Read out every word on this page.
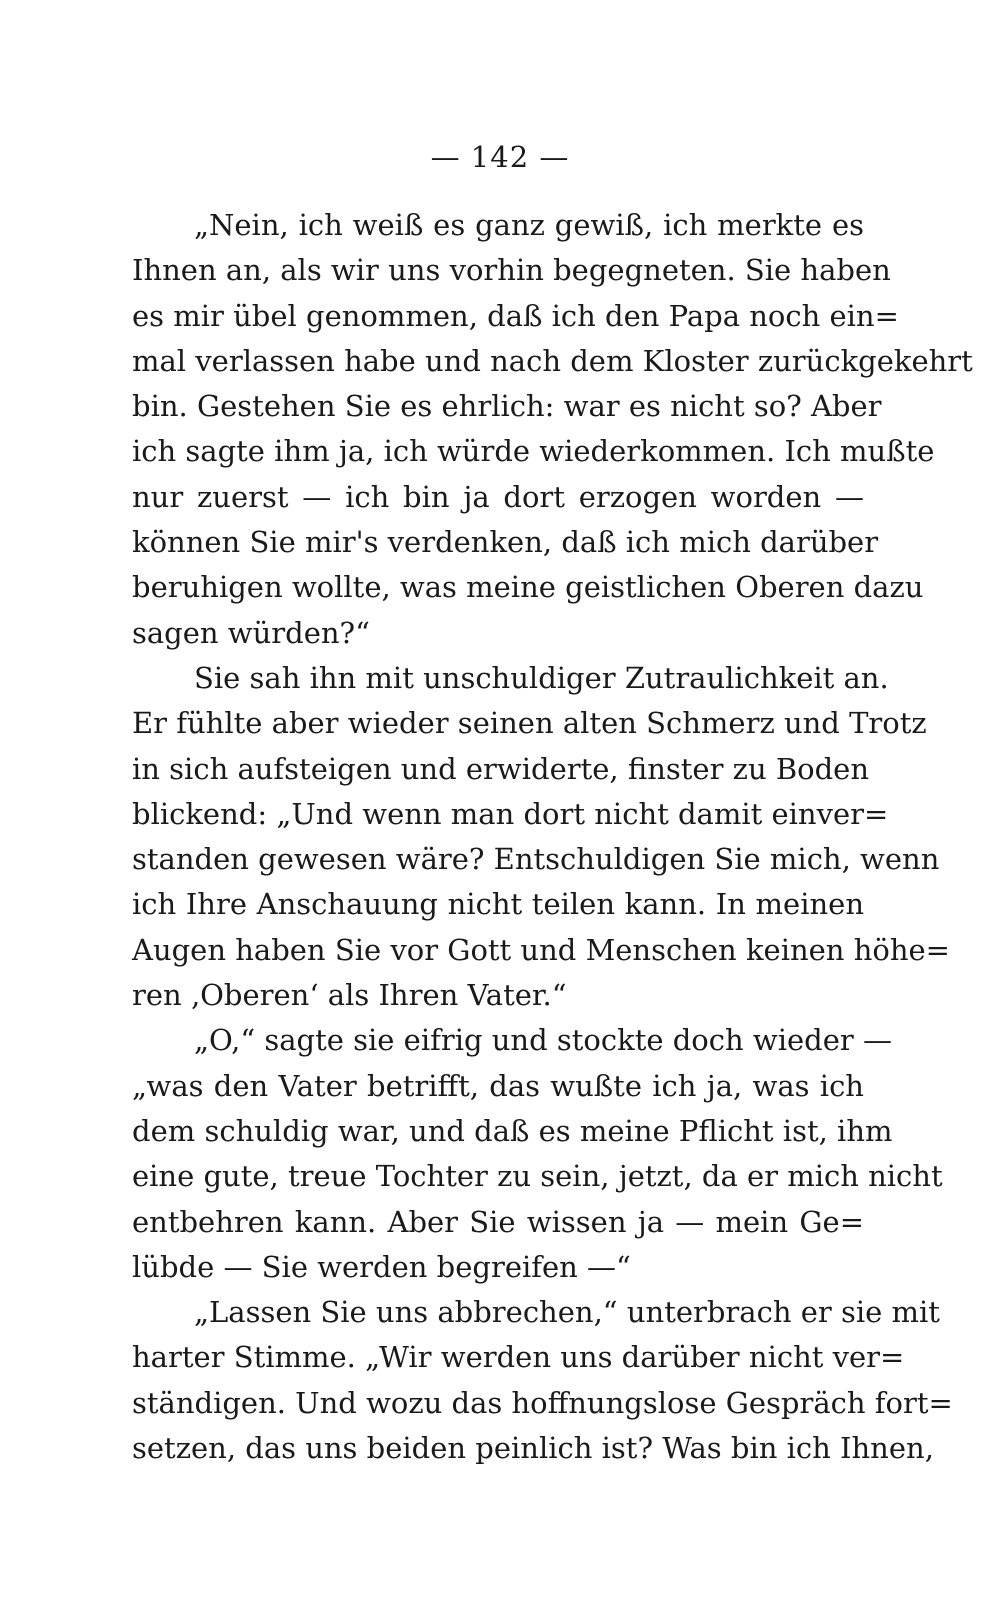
— 142 —
„Nein, ich weiß es ganz gewiß, ich merkte es
Ihnen an, als wir uns vorhin begegneten. Sie haben
es mir übel genommen, daß ich den Papa noch ein=
mal verlassen habe und nach dem Kloster zurückgekehrt
bin. Gestehen Sie es ehrlich: war es nicht so? Aber
ich sagte ihm ja, ich würde wiederkommen. Ich mußte
nur zuerst — ich bin ja dort erzogen worden —
können Sie mir's verdenken, daß ich mich darüber
beruhigen wollte, was meine geistlichen Oberen dazu
sagen würden?“
Sie sah ihn mit unschuldiger Zutraulichkeit an.
Er fühlte aber wieder seinen alten Schmerz und Trotz
in sich aufsteigen und erwiderte, finster zu Boden
blickend: „Und wenn man dort nicht damit einver=
standen gewesen wäre? Entschuldigen Sie mich, wenn
ich Ihre Anschauung nicht teilen kann. In meinen
Augen haben Sie vor Gott und Menschen keinen höhe=
ren ‚Oberen‘ als Ihren Vater.“
„O,“ sagte sie eifrig und stockte doch wieder —
„was den Vater betrifft, das wußte ich ja, was ich
dem schuldig war, und daß es meine Pflicht ist, ihm
eine gute, treue Tochter zu sein, jetzt, da er mich nicht
entbehren kann. Aber Sie wissen ja — mein Ge=
lübde — Sie werden begreifen —“
„Lassen Sie uns abbrechen,“ unterbrach er sie mit
harter Stimme. „Wir werden uns darüber nicht ver=
ständigen. Und wozu das hoffnungslose Gespräch fort=
setzen, das uns beiden peinlich ist? Was bin ich Ihnen,
